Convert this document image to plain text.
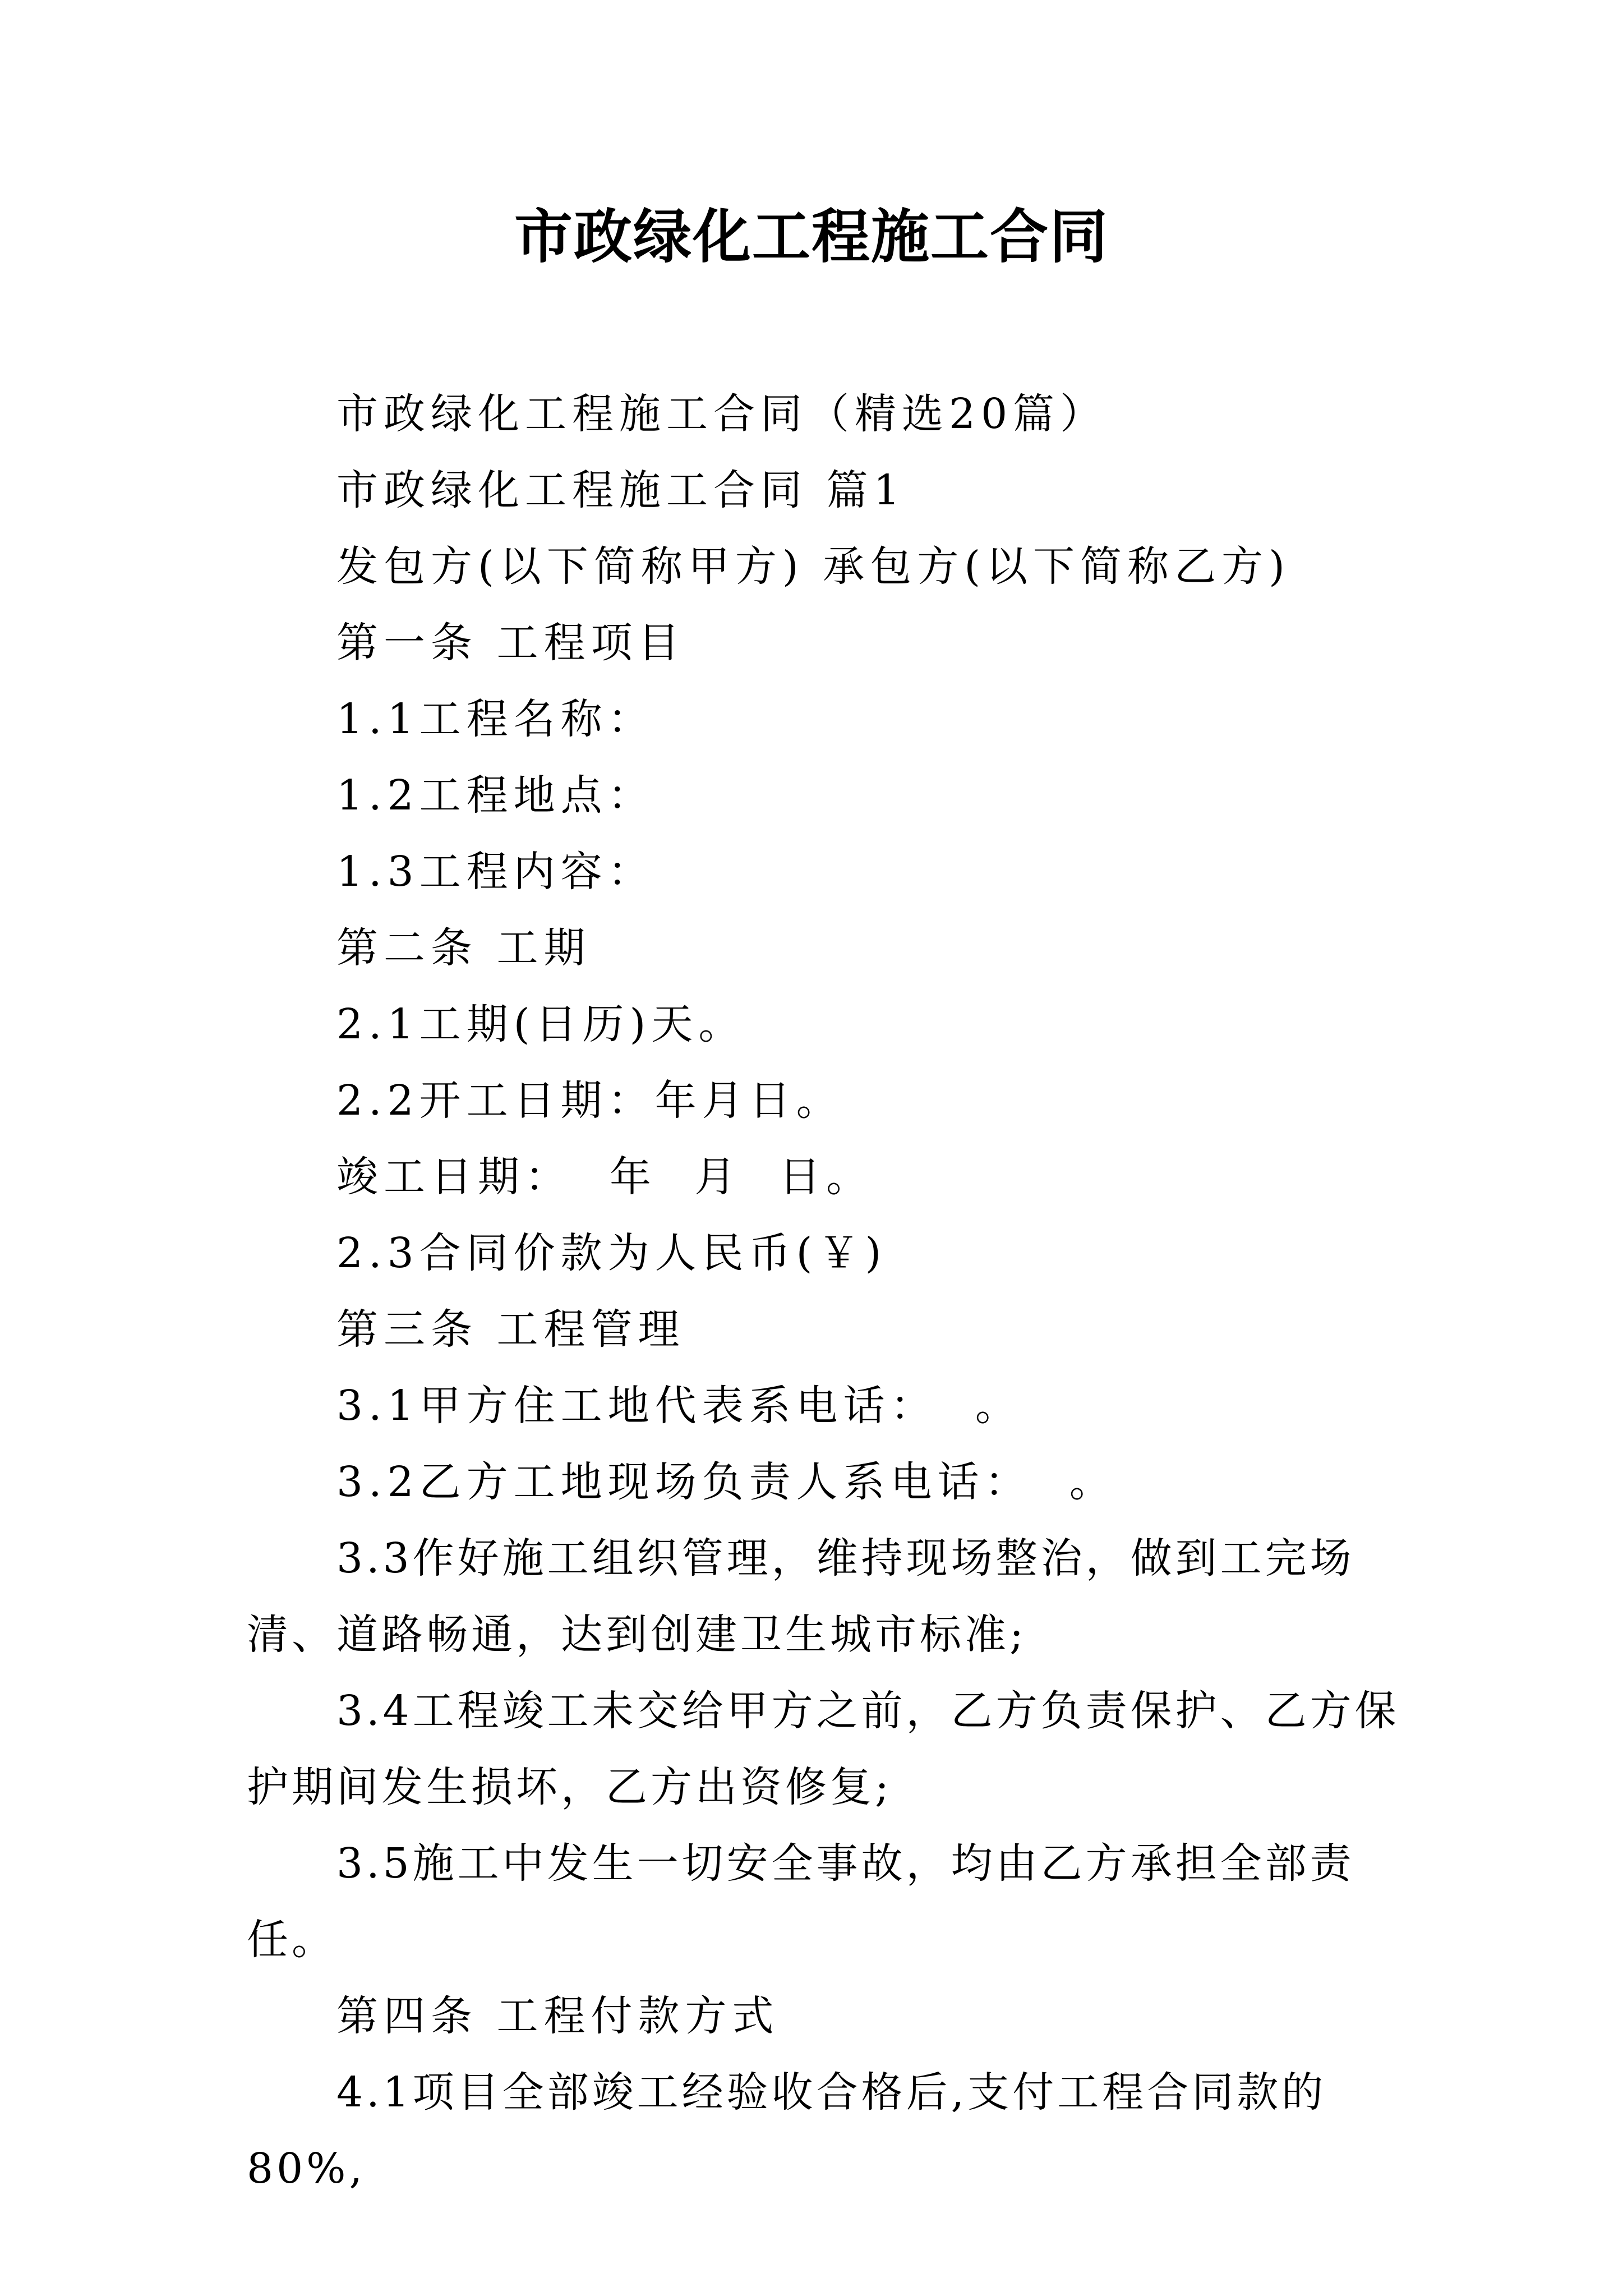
市政绿化工程施工合同

市政绿化工程施工合同（精选20篇）

市政绿化工程施工合同 篇1

发包方(以下简称甲方) 承包方(以下简称乙方)

第一条 工程项目

1.1工程名称：

1.2工程地点：

1.3工程内容：

第二条 工期

2.1工期(日历)天。

2.2开工日期：年月日。

竣工日期：  年  月  日。

2.3合同价款为人民币(￥)

第三条 工程管理

3.1甲方住工地代表系电话：  。

3.2乙方工地现场负责人系电话：  。

3.3作好施工组织管理，维持现场整治，做到工完场清、道路畅通，达到创建卫生城市标准;

3.4工程竣工未交给甲方之前，乙方负责保护、乙方保护期间发生损坏，乙方出资修复;

3.5施工中发生一切安全事故，均由乙方承担全部责任。

第四条 工程付款方式

4.1项目全部竣工经验收合格后,支付工程合同款的80%,
